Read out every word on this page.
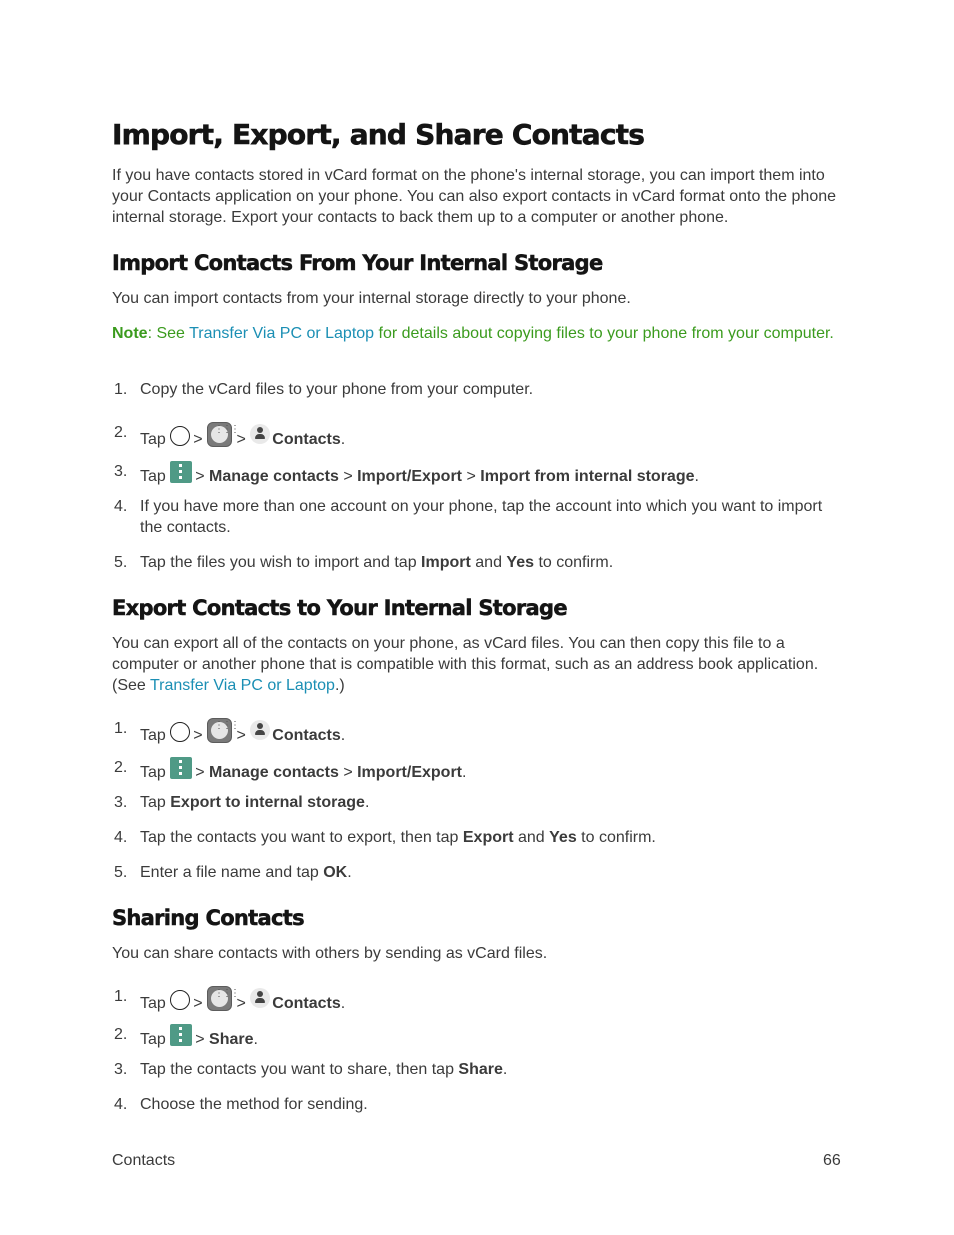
Import, Export, and Share Contacts

If you have contacts stored in vCard format on the phone's internal storage, you can import them into your Contacts application on your phone. You can also export contacts in vCard format onto the phone internal storage. Export your contacts to back them up to a computer or another phone.

Import Contacts From Your Internal Storage

You can import contacts from your internal storage directly to your phone.

Note: See Transfer Via PC or Laptop for details about copying files to your phone from your computer.

1. Copy the vCard files to your phone from your computer.
2. Tap > ⋮⋮⋮ > Contacts.
3. Tap > Manage contacts > Import/Export > Import from internal storage.
4. If you have more than one account on your phone, tap the account into which you want to import the contacts.
5. Tap the files you wish to import and tap Import and Yes to confirm.
Export Contacts to Your Internal Storage

You can export all of the contacts on your phone, as vCard files. You can then copy this file to a computer or another phone that is compatible with this format, such as an address book application. (See Transfer Via PC or Laptop.)

1. Tap > ⋮⋮⋮ > Contacts.
2. Tap > Manage contacts > Import/Export.
3. Tap Export to internal storage.
4. Tap the contacts you want to export, then tap Export and Yes to confirm.
5. Enter a file name and tap OK.
Sharing Contacts

You can share contacts with others by sending as vCard files.

1. Tap > ⋮⋮⋮ > Contacts.
2. Tap > Share.
3. Tap the contacts you want to share, then tap Share.
4. Choose the method for sending.
Contacts	66
